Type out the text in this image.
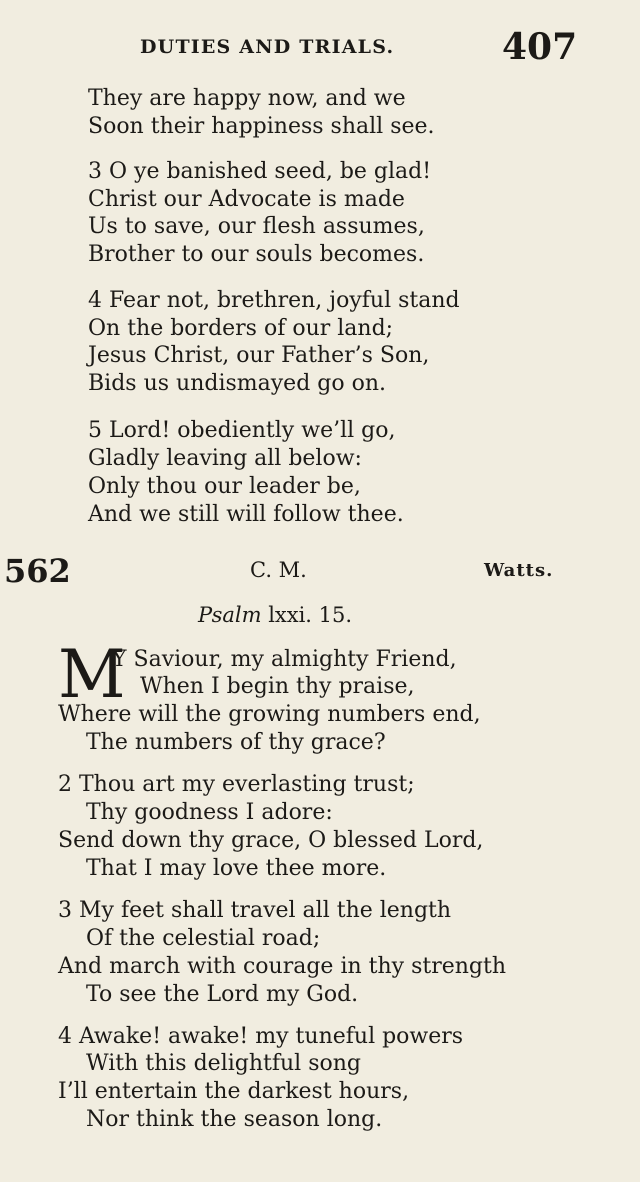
DUTIES AND TRIALS.	407
They are happy now, and we
Soon their happiness shall see.
3 O ye banished seed, be glad!
Christ our Advocate is made
Us to save, our flesh assumes,
Brother to our souls becomes.
4 Fear not, brethren, joyful stand
On the borders of our land;
Jesus Christ, our Father’s Son,
Bids us undismayed go on.
5 Lord! obediently we’ll go,
Gladly leaving all below:
Only thou our leader be,
And we still will follow thee.
562	C. M.	Watts.
Psalm lxxi. 15.
M
Y Saviour, my almighty Friend,
When I begin thy praise,
Where will the growing numbers end,
The numbers of thy grace?
2 Thou art my everlasting trust;
Thy goodness I adore:
Send down thy grace, O blessed Lord,
That I may love thee more.
3 My feet shall travel all the length
Of the celestial road;
And march with courage in thy strength
To see the Lord my God.
4 Awake! awake! my tuneful powers
With this delightful song
I’ll entertain the darkest hours,
Nor think the season long.
